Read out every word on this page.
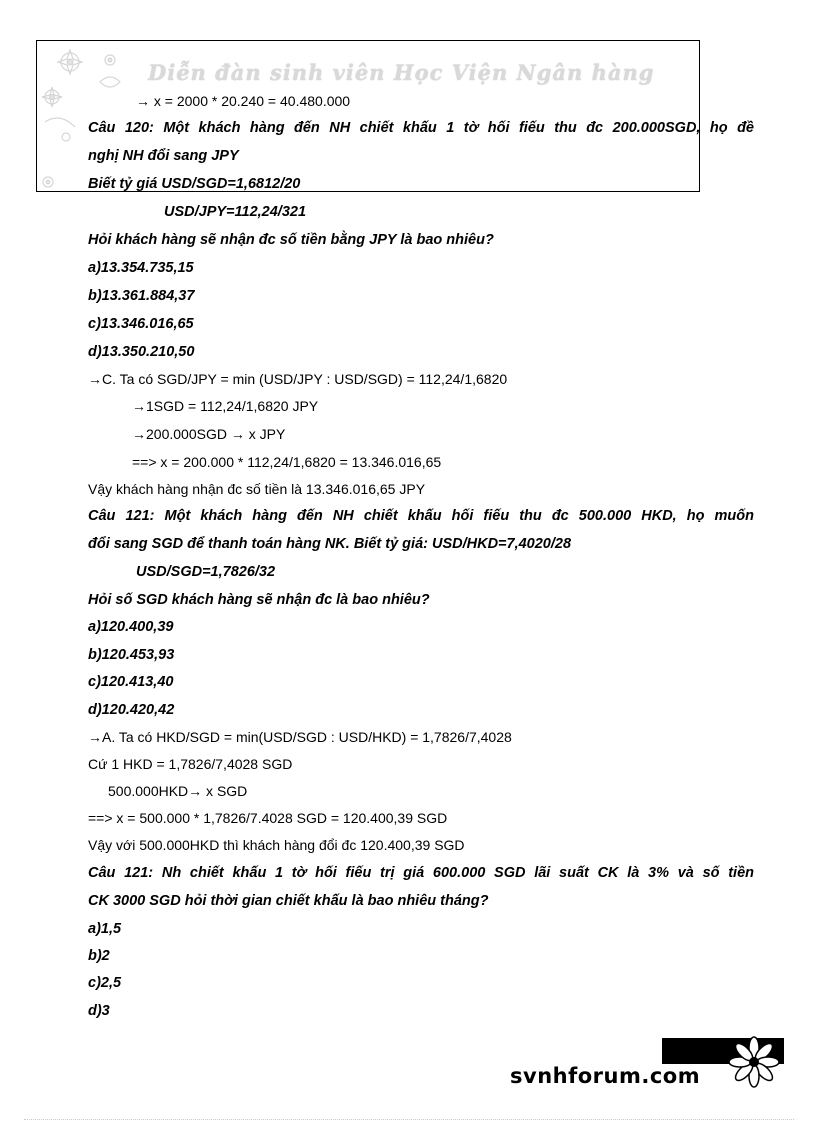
Diễn đàn sinh viên Học Viện Ngân hàng
→ x = 2000 * 20.240 = 40.480.000
Câu 120: Một khách hàng đến NH chiết khấu 1 tờ hối fiếu thu đc 200.000SGD, họ đề
nghị NH đổi sang JPY
Biết tỷ giá USD/SGD=1,6812/20
USD/JPY=112,24/321
Hỏi khách hàng sẽ nhận đc số tiền bằng JPY là bao nhiêu?
a)13.354.735,15
b)13.361.884,37
c)13.346.016,65
d)13.350.210,50
→C. Ta có SGD/JPY = min (USD/JPY : USD/SGD) = 112,24/1,6820
→1SGD = 112,24/1,6820 JPY
→200.000SGD → x JPY
==> x = 200.000 * 112,24/1,6820 = 13.346.016,65
Vậy khách hàng nhận đc số tiền là 13.346.016,65 JPY
Câu 121: Một khách hàng đến NH chiết khấu hối fiếu thu đc 500.000 HKD, họ muốn
đổi sang SGD để thanh toán hàng NK. Biết tỷ giá: USD/HKD=7,4020/28
USD/SGD=1,7826/32
Hỏi số SGD khách hàng sẽ nhận đc là bao nhiêu?
a)120.400,39
b)120.453,93
c)120.413,40
d)120.420,42
→A. Ta có HKD/SGD = min(USD/SGD : USD/HKD) = 1,7826/7,4028
Cứ 1 HKD = 1,7826/7,4028 SGD
500.000HKD→ x SGD
==> x = 500.000 * 1,7826/7.4028 SGD = 120.400,39 SGD
Vậy với 500.000HKD thì khách hàng đổi đc 120.400,39 SGD
Câu 121: Nh chiết khấu 1 tờ hối fiếu trị giá 600.000 SGD lãi suất CK là 3% và số tiền
CK 3000 SGD hỏi thời gian chiết khấu là bao nhiêu tháng?
a)1,5
b)2
c)2,5
d)3
svnhforum.com
